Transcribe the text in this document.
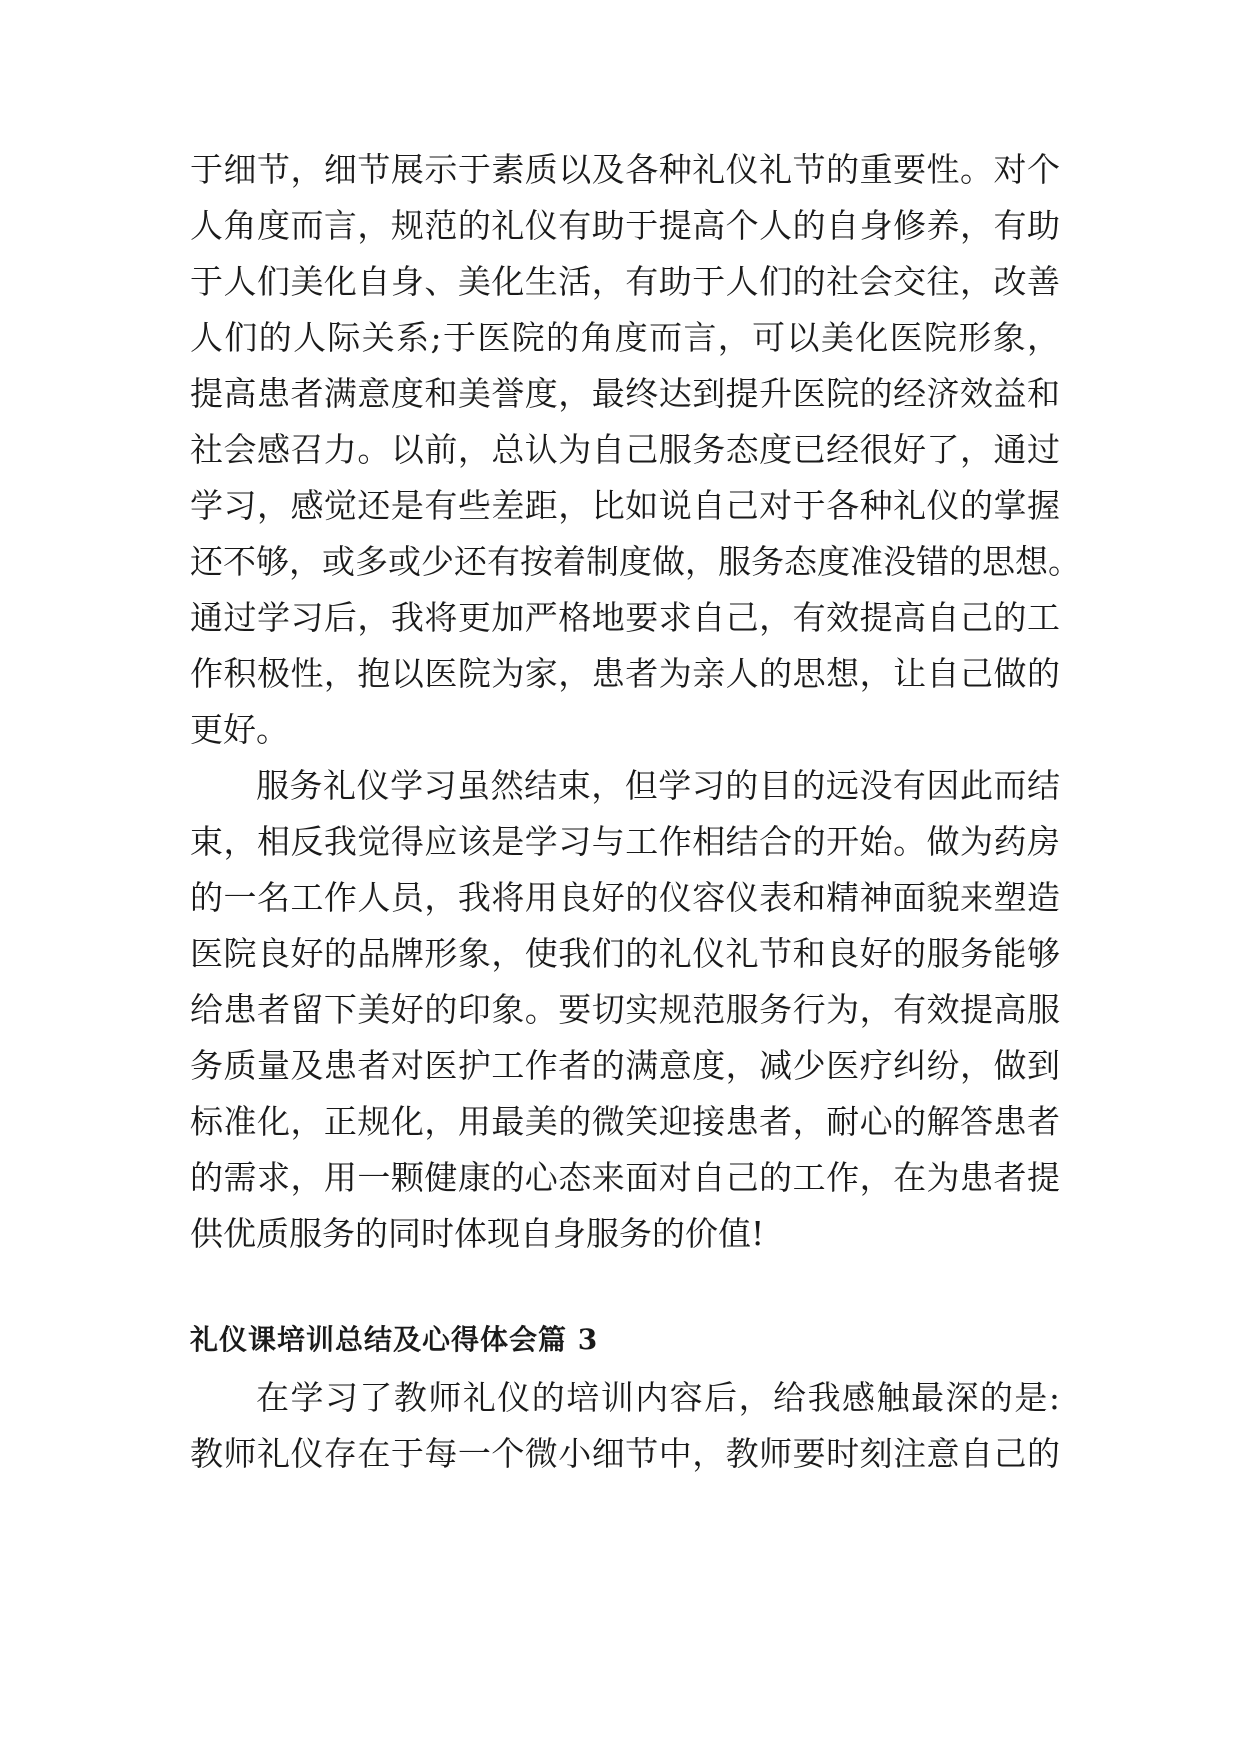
于细节，细节展示于素质以及各种礼仪礼节的重要性。对个

人角度而言，规范的礼仪有助于提高个人的自身修养，有助

于人们美化自身、美化生活，有助于人们的社会交往，改善

人们的人际关系;于医院的角度而言，可以美化医院形象，

提高患者满意度和美誉度，最终达到提升医院的经济效益和

社会感召力。以前，总认为自己服务态度已经很好了，通过

学习，感觉还是有些差距，比如说自己对于各种礼仪的掌握

还不够，或多或少还有按着制度做，服务态度准没错的思想。

通过学习后，我将更加严格地要求自己，有效提高自己的工

作积极性，抱以医院为家，患者为亲人的思想，让自己做的

更好。

服务礼仪学习虽然结束，但学习的目的远没有因此而结

束，相反我觉得应该是学习与工作相结合的开始。做为药房

的一名工作人员，我将用良好的仪容仪表和精神面貌来塑造

医院良好的品牌形象，使我们的礼仪礼节和良好的服务能够

给患者留下美好的印象。要切实规范服务行为，有效提高服

务质量及患者对医护工作者的满意度，减少医疗纠纷，做到

标准化，正规化，用最美的微笑迎接患者，耐心的解答患者

的需求，用一颗健康的心态来面对自己的工作，在为患者提

供优质服务的同时体现自身服务的价值!

礼仪课培训总结及心得体会篇 3

在学习了教师礼仪的培训内容后，给我感触最深的是:

教师礼仪存在于每一个微小细节中，教师要时刻注意自己的
